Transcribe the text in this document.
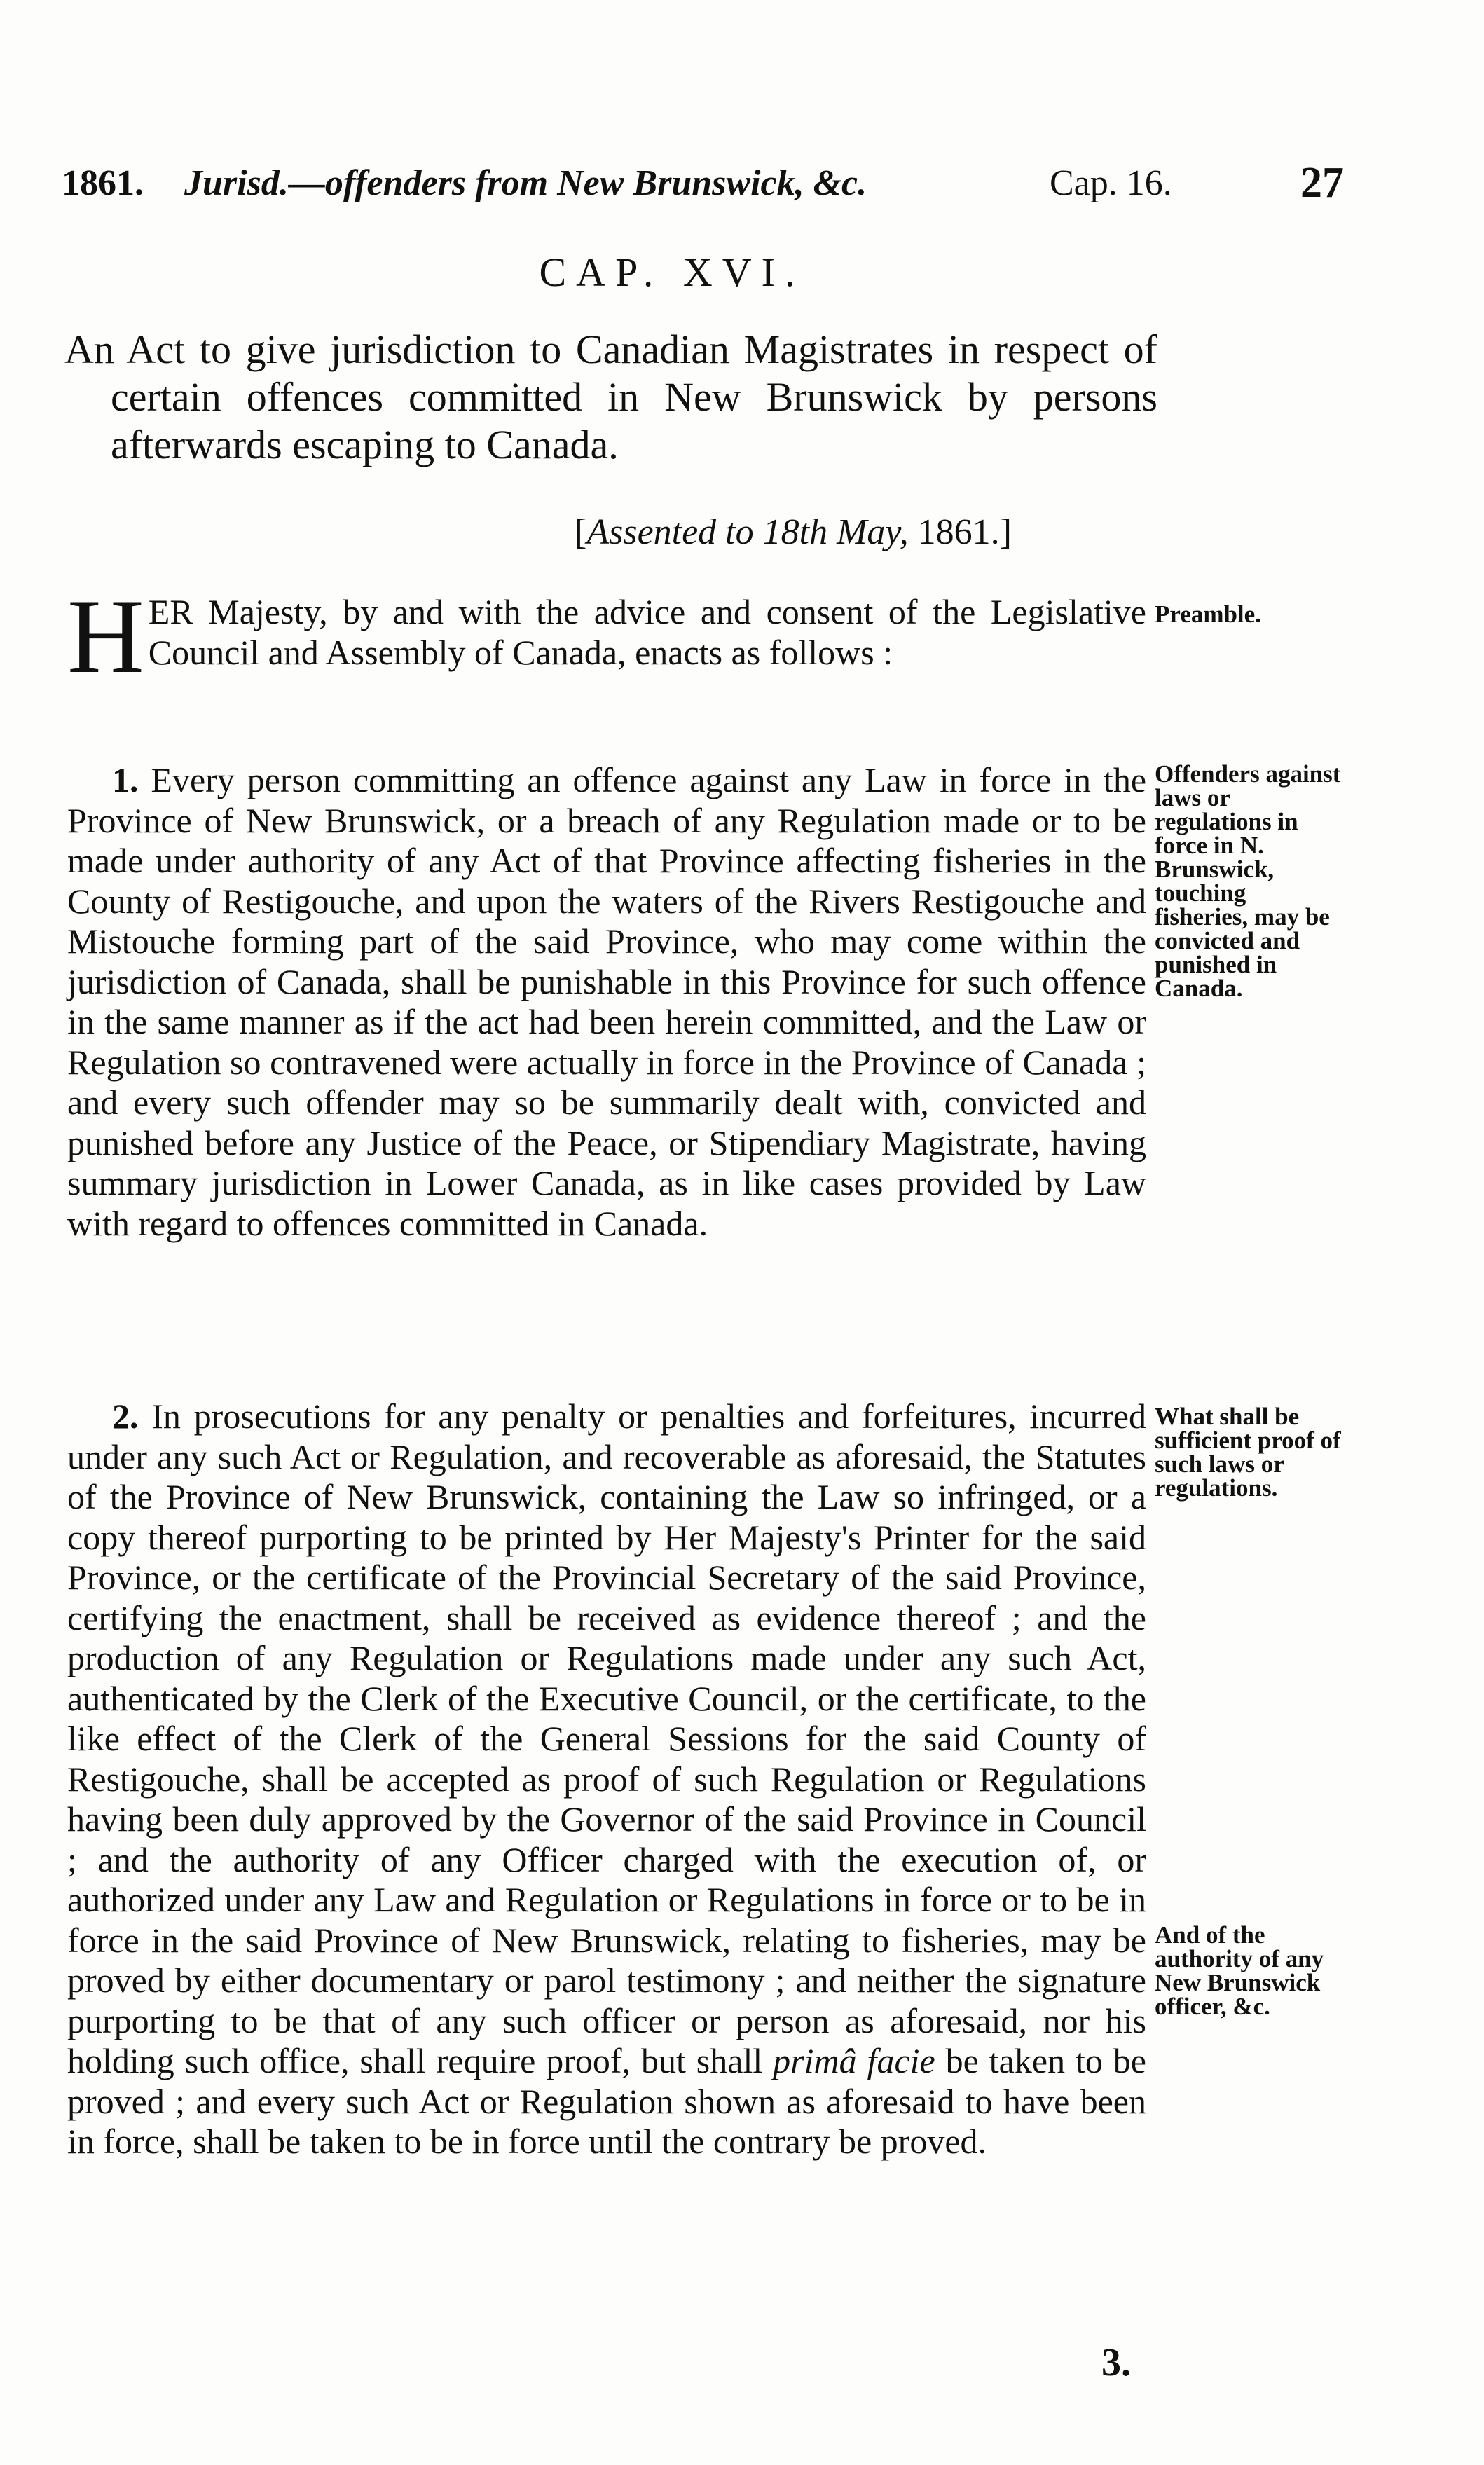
1861. Jurisd.—offenders from New Brunswick, &c.	Cap. 16.	27
CAP. XVI.
An Act to give jurisdiction to Canadian Magistrates in respect of certain offences committed in New Brunswick by persons afterwards escaping to Canada.
[Assented to 18th May, 1861.]
HER Majesty, by and with the advice and consent of the Legislative Council and Assembly of Canada, enacts as follows :
Preamble.
1. Every person committing an offence against any Law in force in the Province of New Brunswick, or a breach of any Regulation made or to be made under authority of any Act of that Province affecting fisheries in the County of Restigouche, and upon the waters of the Rivers Restigouche and Mistouche forming part of the said Province, who may come within the jurisdiction of Canada, shall be punishable in this Province for such offence in the same manner as if the act had been herein committed, and the Law or Regulation so contravened were actually in force in the Province of Canada ; and every such offender may so be summarily dealt with, convicted and punished before any Justice of the Peace, or Stipendiary Magistrate, having summary jurisdiction in Lower Canada, as in like cases provided by Law with regard to offences committed in Canada.
Offenders against laws or regulations in force in N. Brunswick, touching fisheries, may be convicted and punished in Canada.
2. In prosecutions for any penalty or penalties and forfeitures, incurred under any such Act or Regulation, and recoverable as aforesaid, the Statutes of the Province of New Brunswick, containing the Law so infringed, or a copy thereof purporting to be printed by Her Majesty's Printer for the said Province, or the certificate of the Provincial Secretary of the said Province, certifying the enactment, shall be received as evidence thereof ; and the production of any Regulation or Regulations made under any such Act, authenticated by the Clerk of the Executive Council, or the certificate, to the like effect of the Clerk of the General Sessions for the said County of Restigouche, shall be accepted as proof of such Regulation or Regulations having been duly approved by the Governor of the said Province in Council ; and the authority of any Officer charged with the execution of, or authorized under any Law and Regulation or Regulations in force or to be in force in the said Province of New Brunswick, relating to fisheries, may be proved by either documentary or parol testimony ; and neither the signature purporting to be that of any such officer or person as aforesaid, nor his holding such office, shall require proof, but shall primâ facie be taken to be proved ; and every such Act or Regulation shown as aforesaid to have been in force, shall be taken to be in force until the contrary be proved.
What shall be sufficient proof of such laws or regulations.
And of the authority of any New Brunswick officer, &c.
3.
